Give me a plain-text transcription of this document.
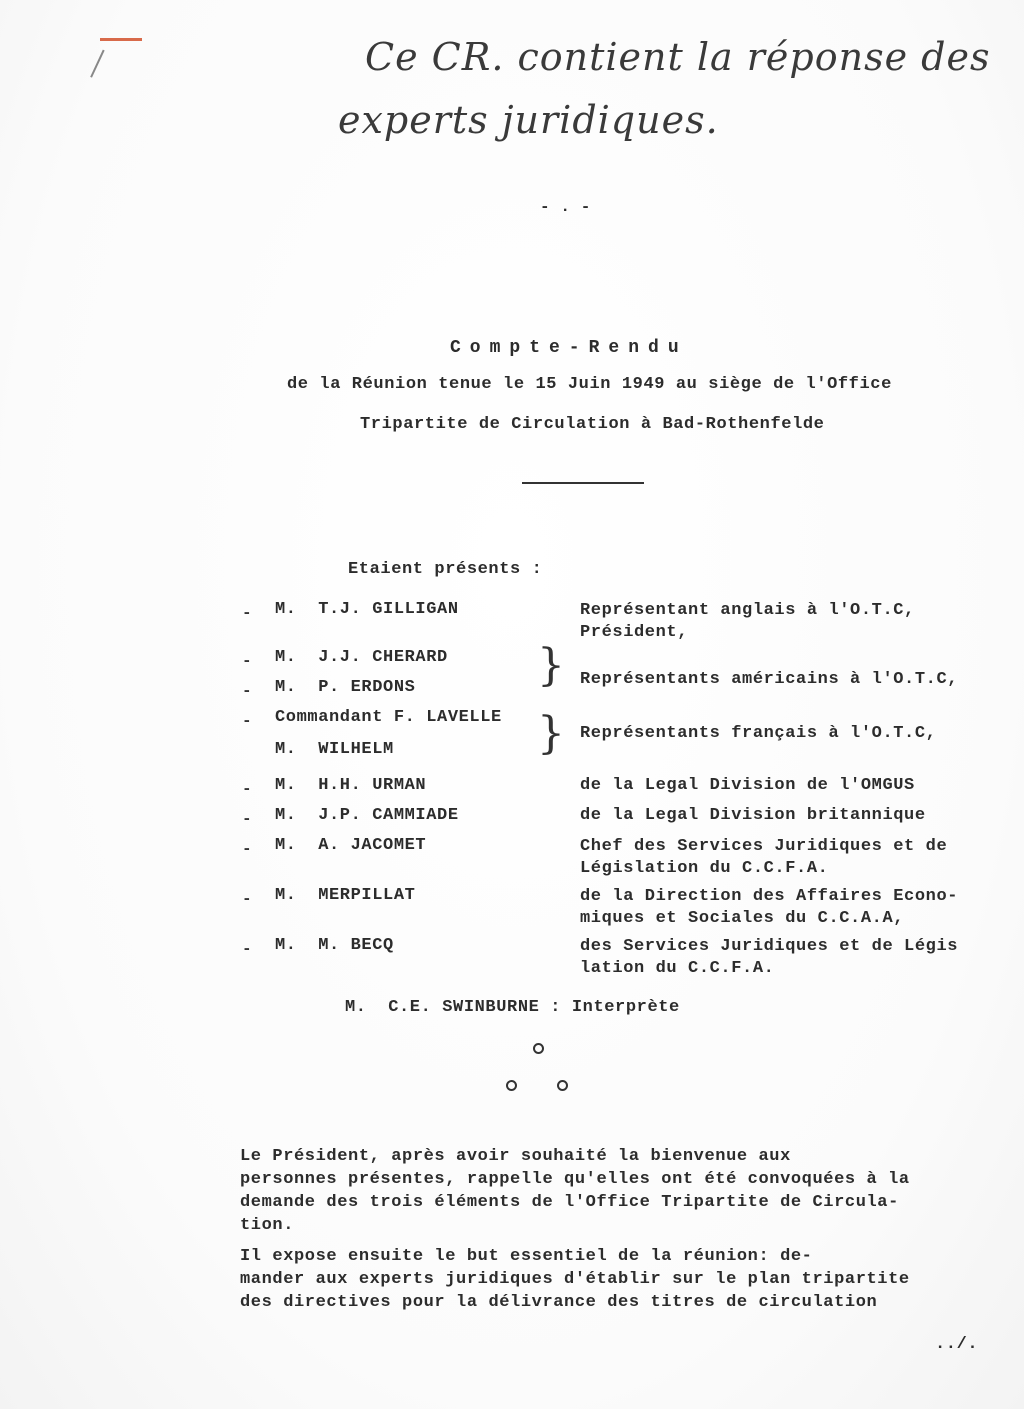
Ce CR. contient la réponse des
experts juridiques.
- . -
Compte-Rendu
de la Réunion tenue le 15 Juin 1949 au siège de l'Office
Tripartite de Circulation à Bad-Rothenfelde
Etaient présents :
- M.  T.J. GILLIGAN	Représentant anglais à l'O.T.C,
Président,
- M.  J.J. CHERARD
- M.  P. ERDONS	} Représentants américains à l'O.T.C,
- Commandant F. LAVELLE
M.  WILHELM	} Représentants français à l'O.T.C,
- M.  H.H. URMAN	de la Legal Division de l'OMGUS
- M.  J.P. CAMMIADE	de la Legal Division britannique
- M.  A. JACOMET	Chef des Services Juridiques et de
Législation du C.C.F.A.
- M.  MERPILLAT	de la Direction des Affaires Econo-
miques et Sociales du C.C.A.A,
- M.  M. BECQ	des Services Juridiques et de Légis
lation du C.C.F.A.
M.  C.E. SWINBURNE : Interprète
Le Président, après avoir souhaité la bienvenue aux
personnes présentes, rappelle qu'elles ont été convoquées à la
demande des trois éléments de l'Office Tripartite de Circula-
tion.
Il expose ensuite le but essentiel de la réunion: de-
mander aux experts juridiques d'établir sur le plan tripartite
des directives pour la délivrance des titres de circulation
../.
